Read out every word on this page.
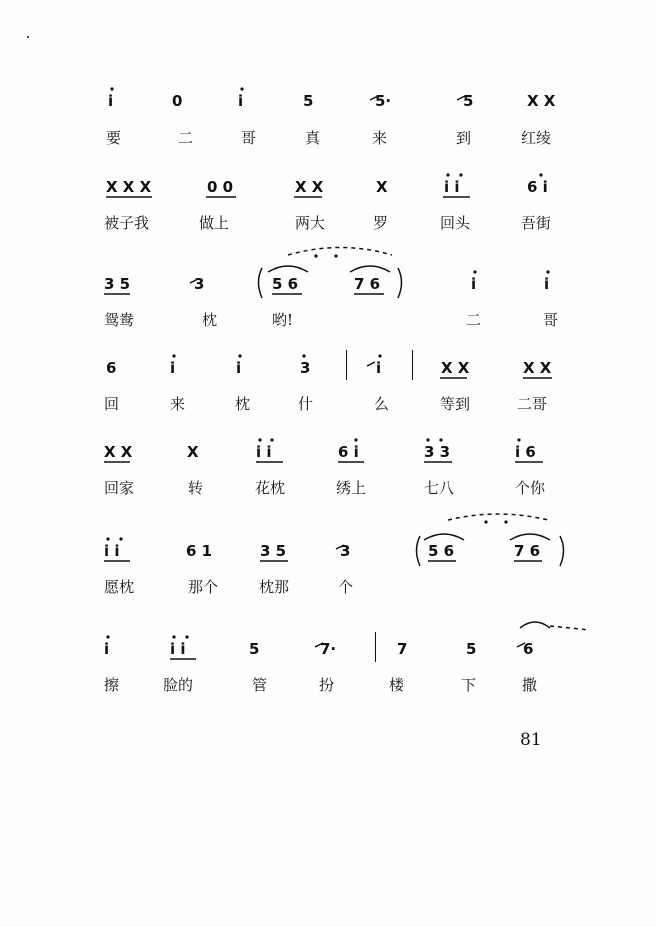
i	0	i	5	5·	5	X X
要	二	哥	真	来	到	红绫
X X X	0 0	X X	X	i i	6 i
被子我	做上	两大	罗	回头	吾街
3 5	3	5 6	7 6	i	i
鸳鸯	枕	哟!	二	哥
6	i	i	3	i	X X	X X
回	来	枕	什	么	等到	二哥
X X	X	i i	6 i	3 3	i 6
回家	转	花枕	绣上	七八	个你
i i	6 1	3 5	3	5 6	7 6
愿枕	那个	枕那	个
i	i i	5	7·	7	5	6
擦	脸的	管	扮	楼	下	撒
81
